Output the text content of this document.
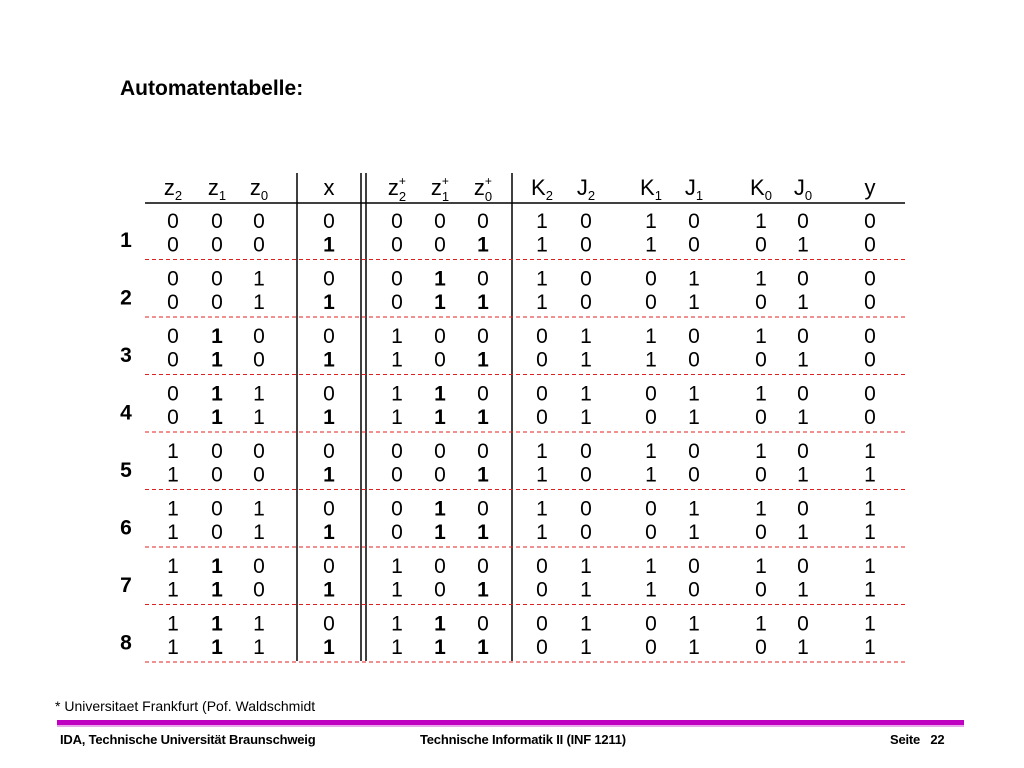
Automatentabelle:
$z_2$ $z_1$ $z_0$	x z+ 2 z+ 1 z+ 0 $K_2$ $J_2$ $K_1$ $J_1$ $K_0$ $J_0$ y
1
0 0 0	0	0 0 0 1 0	1 0	1 0	0
0 0 0	1	0 0 1 1 0	1 0	0 1	0
2
0 0 1	0	0 1 0 1 0	0 1	1 0	0
0 0 1	1	0 1 1 1 0	0 1	0 1	0
3
0 1 0	0	1 0 0 0 1	1 0	1 0	0
0 1 0	1	1 0 1 0 1	1 0	0 1	0
4
0 1 1	0	1 1 0 0 1	0 1	1 0	0
0 1 1	1	1 1 1 0 1	0 1	0 1	0
5
1 0 0	0	0 0 0 1 0	1 0	1 0	1
1 0 0	1	0 0 1 1 0	1 0	0 1	1
6
1 0 1	0	0 1 0 1 0	0 1	1 0	1
1 0 1	1	0 1 1 1 0	0 1	0 1	1
7
1 1 0	0	1 0 0 0 1	1 0	1 0	1
1 1 0	1	1 0 1 0 1	1 0	0 1	1
8
1 1 1	0	1 1 0 0 1	0 1	1 0	1
1 1 1	1	1 1 1 0 1	0 1	0 1	1
* Universitaet Frankfurt (Pof. Waldschmidt
IDA, Technische Universität Braunschweig	Technische Informatik II (INF 1211)	Seite 22
